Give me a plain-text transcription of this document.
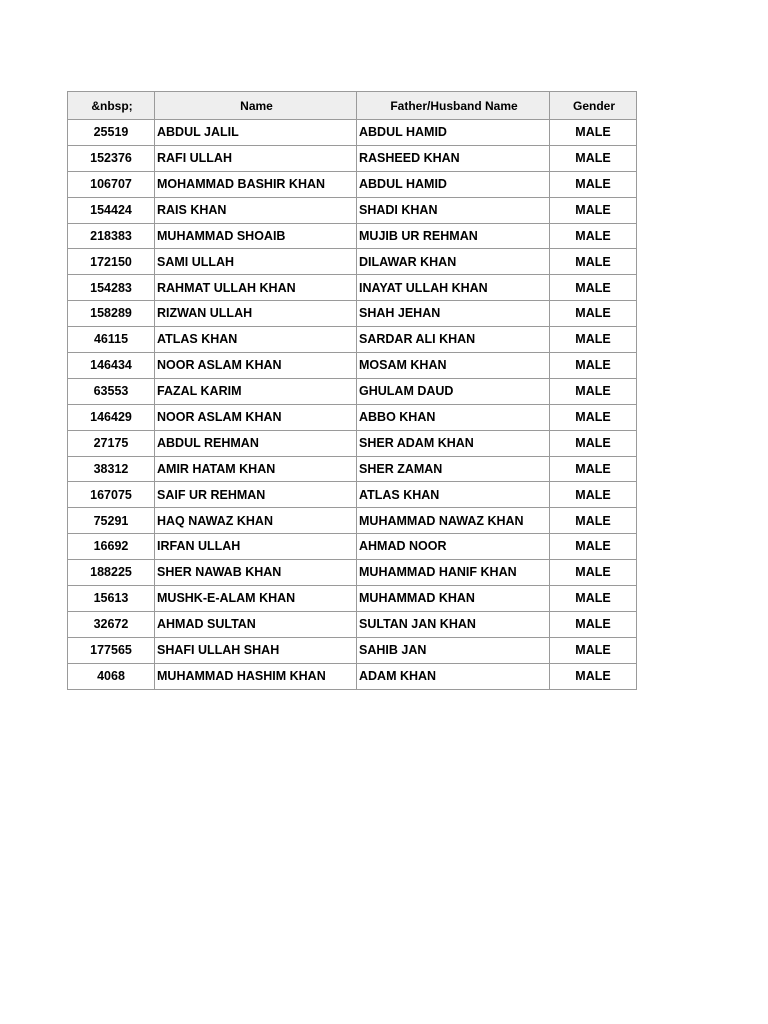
&nbsp;	Name	Father/Husband Name	Gender
25519	ABDUL JALIL	ABDUL HAMID	MALE
152376	RAFI ULLAH	RASHEED KHAN	MALE
106707	MOHAMMAD BASHIR KHAN	ABDUL HAMID	MALE
154424	RAIS KHAN	SHADI KHAN	MALE
218383	MUHAMMAD SHOAIB	MUJIB UR REHMAN	MALE
172150	SAMI ULLAH	DILAWAR KHAN	MALE
154283	RAHMAT ULLAH KHAN	INAYAT ULLAH KHAN	MALE
158289	RIZWAN ULLAH	SHAH JEHAN	MALE
46115	ATLAS KHAN	SARDAR ALI KHAN	MALE
146434	NOOR ASLAM KHAN	MOSAM KHAN	MALE
63553	FAZAL KARIM	GHULAM DAUD	MALE
146429	NOOR ASLAM KHAN	ABBO KHAN	MALE
27175	ABDUL REHMAN	SHER ADAM KHAN	MALE
38312	AMIR HATAM KHAN	SHER ZAMAN	MALE
167075	SAIF UR REHMAN	ATLAS KHAN	MALE
75291	HAQ NAWAZ KHAN	MUHAMMAD NAWAZ KHAN	MALE
16692	IRFAN ULLAH	AHMAD NOOR	MALE
188225	SHER NAWAB KHAN	MUHAMMAD HANIF KHAN	MALE
15613	MUSHK-E-ALAM KHAN	MUHAMMAD KHAN	MALE
32672	AHMAD SULTAN	SULTAN JAN KHAN	MALE
177565	SHAFI ULLAH SHAH	SAHIB JAN	MALE
4068	MUHAMMAD HASHIM KHAN	ADAM KHAN	MALE
